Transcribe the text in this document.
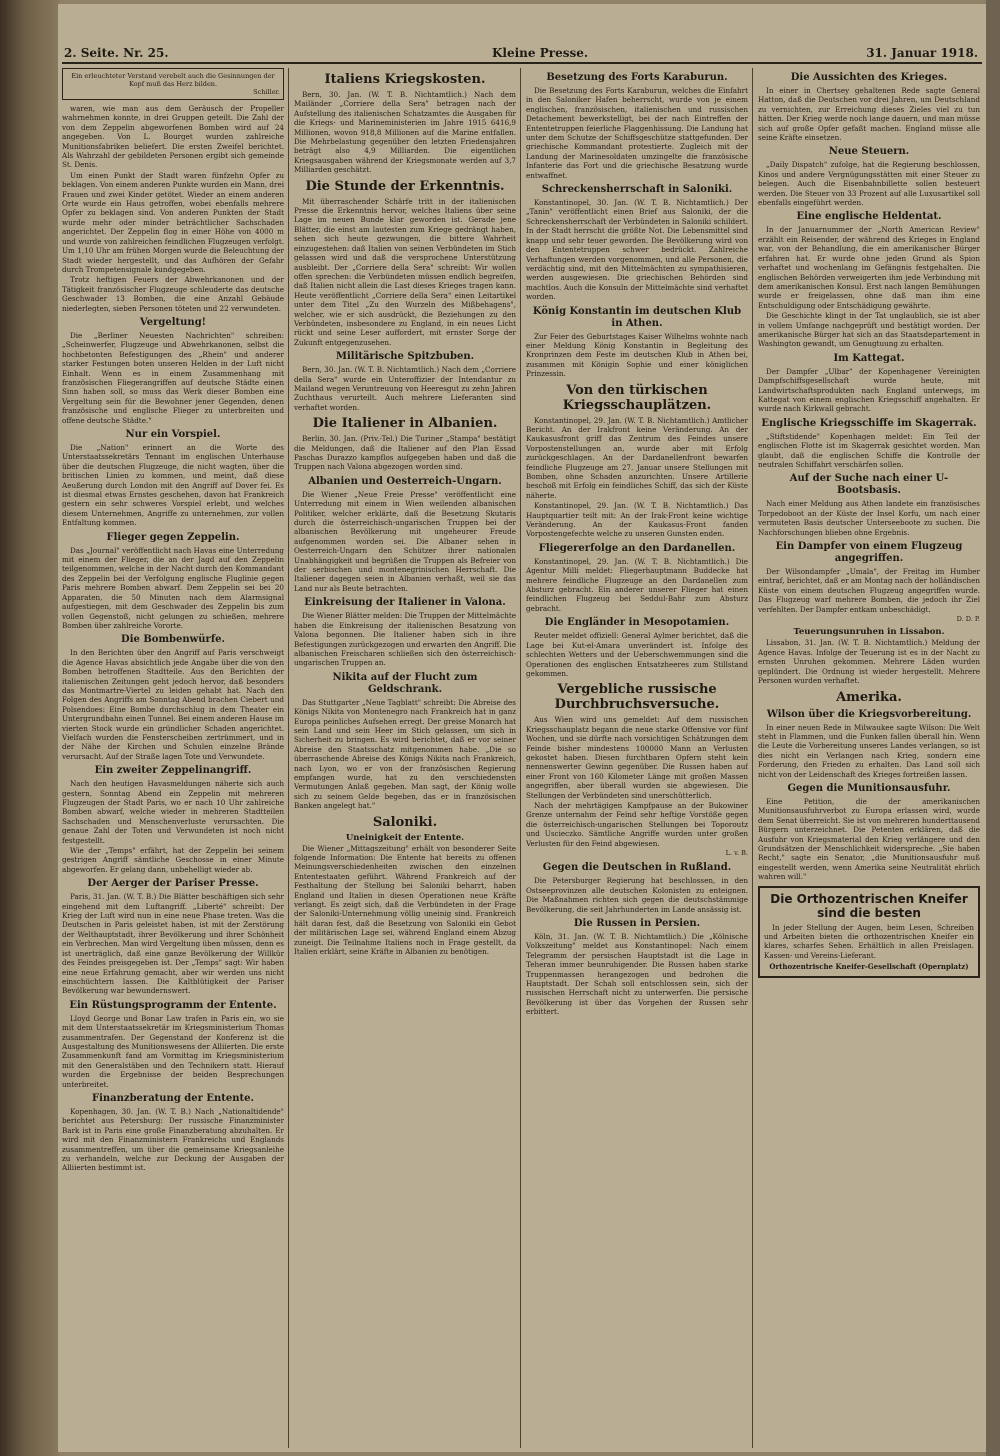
2. Seite. Nr. 25.	Kleine Presse.	31. Januar 1918.
Ein erleuchteter Verstand verebelt auch die Gesinnungen der Kopf muß das Herz bilden.
Schiller.

waren, wie man aus dem Geräusch der Propeller wahrnehmen konnte, in drei Gruppen geteilt. Die Zahl der von dem Zeppelin abgeworfenen Bomben wird auf 24 angegeben. Von L. Bourget wurden zahlreiche Munitionsfabriken beliefert. Die ersten Zweifel berichtet. Als Wahrzahl der gebildeten Personen ergibt sich gemeinde St. Denis.

Um einen Punkt der Stadt waren fünfzehn Opfer zu beklagen. Von einem anderen Punkte wurden ein Mann, drei Frauen und zwei Kinder getötet. Wieder an einem anderen Orte wurde ein Haus getroffen, wobei ebenfalls mehrere Opfer zu beklagen sind. Von anderen Punkten der Stadt wurde mehr oder minder beträchtlicher Sachschaden angerichtet. Der Zeppelin flog in einer Höhe von 4000 m und wurde von zahlreichen feindlichen Flugzeugen verfolgt. Um 1,10 Uhr am frühen Morgen wurde die Beleuchtung der Stadt wieder hergestellt, und das Aufhören der Gefahr durch Trompetensignale kundgegeben.

Trotz heftigen Feuers der Abwehrkanonen und der Tätigkeit französischer Flugzeuge schleuderte das deutsche Geschwader 13 Bomben, die eine Anzahl Gebäude niederlegten, sieben Personen töteten und 22 verwundeten.

Vergeltung!

Die „Berliner Neuesten Nachrichten" schreiben: „Scheinwerfer, Flugzeuge und Abwehrkanonen, selbst die hochbetonten Befestigungen des „Rhein" und anderer starker Festungen boten unseren Helden in der Luft nicht Einhalt. Wenn es in einem Zusammenhang mit französischen Fliegerangriffen auf deutsche Städte einen Sinn haben soll, so muss das Werk dieser Bomben eine Vergeltung sein für die Bewohner jener Gegenden, denen französische und englische Flieger zu unterbreiten und offene deutsche Städte."

Nur ein Vorspiel.

Die „Nation" erinnert an die Worte des Unterstaatssekretärs Tennant im englischen Unterhause über die deutschen Flugzeuge, die nicht wagten, über die britischen Linien zu kommen, und meint, daß diese Aeußerung durch London mit den Angriff auf Dover fei. Es ist diesmal etwas Ernstes geschehen, davon hat Frankreich gestern ein sehr schweres Vorspiel erlebt, und welches diesem Unternehmen, Angriffe zu unternehmen, zur vollen Entfaltung kommen.

Flieger gegen Zeppelin.

Das „Journal" veröffentlicht nach Havas eine Unterredung mit einem der Flieger, die an der Jagd auf den Zeppelin teilgenommen, welche in der Nacht durch den Kommandant des Zeppelin bei der Verfolgung englische Fluglinie gegen Paris mehrere Bomben abwarf. Dem Zeppelin sei bei 20 Apparaten, die 50 Minuten nach dem Alarmsignal aufgestiegen, mit dem Geschwader des Zeppelin bis zum vollen Gegenstoß, nicht gelungen zu schießen, mehrere Bomben über zahlreiche Vororte.

Die Bombenwürfe.

In den Berichten über den Angriff auf Paris verschweigt die Agence Havas absichtlich jede Angabe über die von den Bomben betroffenen Stadtteile. Aus den Berichten der italienischen Zeitungen geht jedoch hervor, daß besonders das Montmartre-Viertel zu leiden gehabt hat. Nach den Folgen des Angriffs am Sonntag Abend brachen Ciebert und Polsendoes: Eine Bombe durchschlug in dem Theater ein Untergrundbahn einen Tunnel. Bei einem anderen Hause im vierten Stock wurde ein gründlicher Schaden angerichtet. Vielfach wurden die Fensterscheiben zertrümmert, und in der Nähe der Kirchen und Schulen einzelne Brände verursacht. Auf der Straße lagen Tote und Verwundete.

Ein zweiter Zeppelinangriff.

Nach den heutigen Havasmeldungen näherte sich auch gestern, Sonntag Abend ein Zeppelin mit mehreren Flugzeugen der Stadt Paris, wo er nach 10 Uhr zahlreiche Bomben abwarf, welche wieder in mehreren Stadtteilen Sachschaden und Menschenverluste verursachten. Die genaue Zahl der Toten und Verwundeten ist noch nicht festgestellt.

Wie der „Temps" erfährt, hat der Zeppelin bei seinem gestrigen Angriff sämtliche Geschosse in einer Minute abgeworfen. Er gelang dann, unbehelligt wieder ab.

Der Aerger der Pariser Presse.

Paris, 31. Jan. (W. T. B.) Die Blätter beschäftigen sich sehr eingehend mit dem Luftangriff. „Liberté" schreibt: Der Krieg der Luft wird nun in eine neue Phase treten. Was die Deutschen in Paris geleistet haben, ist mit der Zerstörung der Welthauptstadt, ihrer Bevölkerung und ihrer Schönheit ein Verbrechen. Man wird Vergeltung üben müssen, denn es ist unerträglich, daß eine ganze Bevölkerung der Willkür des Feindes preisgegeben ist. Der „Temps" sagt: Wir haben eine neue Erfahrung gemacht, aber wir werden uns nicht einschüchtern lassen. Die Kaltblütigkeit der Pariser Bevölkerung war bewundernswert.

Ein Rüstungsprogramm der Entente.

Lloyd George und Bonar Law trafen in Paris ein, wo sie mit dem Unterstaatssekretär im Kriegsministerium Thomas zusammentrafen. Der Gegenstand der Konferenz ist die Ausgestaltung des Munitionswesens der Alliierten. Die erste Zusammenkunft fand am Vormittag im Kriegsministerium mit den Generalstäben und den Technikern statt. Hierauf wurden die Ergebnisse der beiden Besprechungen unterbreitet.

Finanzberatung der Entente.

Kopenhagen, 30. Jan. (W. T. B.) Nach „Nationaltidende" berichtet aus Petersburg: Der russische Finanzminister Bark ist in Paris eine große Finanzberatung abzuhalten. Er wird mit den Finanzministern Frankreichs und Englands zusammentreffen, um über die gemeinsame Kriegsanleihe zu verhandeln, welche zur Deckung der Ausgaben der Alliierten bestimmt ist.

Italiens Kriegskosten.

Bern, 30. Jan. (W. T. B. Nichtamtlich.) Nach dem Mailänder „Corriere della Sera" betragen nach der Aufstellung des italienischen Schatzamtes die Ausgaben für die Kriegs- und Marineministerien im Jahre 1915 6416,9 Millionen, wovon 918,8 Millionen auf die Marine entfallen. Die Mehrbelastung gegenüber den letzten Friedensjahren beträgt also 4,9 Milliarden. Die eigentlichen Kriegsausgaben während der Kriegsmonate werden auf 3,7 Milliarden geschätzt.

Die Stunde der Erkenntnis.

Mit überraschender Schärfe tritt in der italienischen Presse die Erkenntnis hervor, welches Italiens über seine Lage im neuen Bunde klar geworden ist. Gerade jene Blätter, die einst am lautesten zum Kriege gedrängt haben, sehen sich heute gezwungen, die bittere Wahrheit einzugestehen: daß Italien von seinen Verbündeten im Stich gelassen wird und daß die versprochene Unterstützung ausbleibt. Der „Corriere della Sera" schreibt: Wir wollen offen sprechen: die Verbündeten müssen endlich begreifen, daß Italien nicht allein die Last dieses Krieges tragen kann. Heute veröffentlicht „Corriere della Sera" einen Leitartikel unter dem Titel „Zu den Wurzeln des Mißbehagens", welcher, wie er sich ausdrückt, die Beziehungen zu den Verbündeten, insbesondere zu England, in ein neues Licht rückt und seine Leser auffordert, mit ernster Sorge der Zukunft entgegenzusehen.

Militärische Spitzbuben.

Bern, 30. Jan. (W. T. B. Nichtamtlich.) Nach dem „Corriere della Sera" wurde ein Unteroffizier der Intendantur zu Mailand wegen Veruntreuung von Heeresgut zu zehn Jahren Zuchthaus verurteilt. Auch mehrere Lieferanten sind verhaftet worden.

Die Italiener in Albanien.

Berlin, 30. Jan. (Priv.-Tel.) Die Turiner „Stampa" bestätigt die Meldungen, daß die Italiener auf den Plan Essad Paschas Durazzo kampflos aufgegeben haben und daß die Truppen nach Valona abgezogen worden sind.

Albanien und Oesterreich-Ungarn.

Die Wiener „Neue Freie Presse" veröffentlicht eine Unterredung mit einem in Wien weilenden albanischen Politiker, welcher erklärte, daß die Besetzung Skutaris durch die österreichisch-ungarischen Truppen bei der albanischen Bevölkerung mit ungeheurer Freude aufgenommen worden sei. Die Albaner sehen in Oesterreich-Ungarn den Schützer ihrer nationalen Unabhängigkeit und begrüßen die Truppen als Befreier von der serbischen und montenegrinischen Herrschaft. Die Italiener dagegen seien in Albanien verhaßt, weil sie das Land nur als Beute betrachten.

Einkreisung der Italiener in Valona.

Die Wiener Blätter melden: Die Truppen der Mittelmächte haben die Einkreisung der italienischen Besatzung von Valona begonnen. Die Italiener haben sich in ihre Befestigungen zurückgezogen und erwarten den Angriff. Die albanischen Freischaren schließen sich den österreichisch-ungarischen Truppen an.

Nikita auf der Flucht zum Geldschrank.

Das Stuttgarter „Neue Tagblatt" schreibt: Die Abreise des Königs Nikita von Montenegro nach Frankreich hat in ganz Europa peinliches Aufsehen erregt. Der greise Monarch hat sein Land und sein Heer im Stich gelassen, um sich in Sicherheit zu bringen. Es wird berichtet, daß er vor seiner Abreise den Staatsschatz mitgenommen habe. „Die so überraschende Abreise des Königs Nikita nach Frankreich, nach Lyon, wo er von der französischen Regierung empfangen wurde, hat zu den verschiedensten Vermutungen Anlaß gegeben. Man sagt, der König wolle sich zu seinem Gelde begeben, das er in französischen Banken angelegt hat."

Saloniki.
Uneinigkeit der Entente.

Die Wiener „Mittagszeitung" erhält von besonderer Seite folgende Information: Die Entente hat bereits zu offenen Meinungsverschiedenheiten zwischen den einzelnen Ententestaaten geführt. Während Frankreich auf der Festhaltung der Stellung bei Saloniki beharrt, haben England und Italien in diesen Operationen neue Kräfte verlangt. Es zeigt sich, daß die Verbündeten in der Frage der Saloniki-Unternehmung völlig uneinig sind. Frankreich hält daran fest, daß die Besetzung von Saloniki ein Gebot der militärischen Lage sei, während England einem Abzug zuneigt. Die Teilnahme Italiens noch in Frage gestellt, da Italien erklärt, seine Kräfte in Albanien zu benötigen.

Besetzung des Forts Karaburun.

Die Besetzung des Forts Karaburun, welches die Einfahrt in den Saloniker Hafen beherrscht, wurde von je einem englischen, französischen, italienischen und russischen Detachement bewerkstelligt, bei der nach Eintreffen der Ententetruppen feierliche Flaggenhissung. Die Landung hat unter dem Schutze der Schiffsgeschütze stattgefunden. Der griechische Kommandant protestierte. Zugleich mit der Landung der Marinesoldaten umzingelte die französische Infanterie das Fort und die griechische Besatzung wurde entwaffnet.

Schreckensherrschaft in Saloniki.

Konstantinopel, 30. Jan. (W. T. B. Nichtamtlich.) Der „Tanin" veröffentlicht einen Brief aus Saloniki, der die Schreckensherrschaft der Verbündeten in Saloniki schildert. In der Stadt herrscht die größte Not. Die Lebensmittel sind knapp und sehr teuer geworden. Die Bevölkerung wird von den Ententetruppen schwer bedrückt. Zahlreiche Verhaftungen werden vorgenommen, und alle Personen, die verdächtig sind, mit den Mittelmächten zu sympathisieren, werden ausgewiesen. Die griechischen Behörden sind machtlos. Auch die Konsuln der Mittelmächte sind verhaftet worden.

König Konstantin im deutschen Klub in Athen.

Zur Feier des Geburtstages Kaiser Wilhelms wohnte nach einer Meldung König Konstantin in Begleitung des Kronprinzen dem Feste im deutschen Klub in Athen bei, zusammen mit Königin Sophie und einer königlichen Prinzessin.

Von den türkischen Kriegsschauplätzen.

Konstantinopel, 29. Jan. (W. T. B. Nichtamtlich.) Amtlicher Bericht. An der Irakfront keine Veränderung. An der Kaukasusfront griff das Zentrum des Feindes unsere Vorpostenstellungen an, wurde aber mit Erfolg zurückgeschlagen. An der Dardanellenfront bewarfen feindliche Flugzeuge am 27. Januar unsere Stellungen mit Bomben, ohne Schaden anzurichten. Unsere Artillerie beschoß mit Erfolg ein feindliches Schiff, das sich der Küste näherte.

Konstantinopel, 29. Jan. (W. T. B. Nichtamtlich.) Das Hauptquartier teilt mit: An der Irak-Front keine wichtige Veränderung. An der Kaukasus-Front fanden Vorpostengefechte welche zu unseren Gunsten enden.

Fliegererfolge an den Dardanellen.

Konstantinopel, 29. Jan. (W. T. B. Nichtamtlich.) Die Agentur Milli meldet: Fliegerhauptmann Buddecke hat mehrere feindliche Flugzeuge an den Dardanellen zum Absturz gebracht. Ein anderer unserer Flieger hat einen feindlichen Flugzeug bei Seddul-Bahr zum Absturz gebracht.

Die Engländer in Mesopotamien.

Reuter meldet offiziell: General Aylmer berichtet, daß die Lage bei Kut-el-Amara unverändert ist. Infolge des schlechten Wetters und der Ueberschwemmungen sind die Operationen des englischen Entsatzheeres zum Stillstand gekommen.

Vergebliche russische Durchbruchsversuche.

Aus Wien wird uns gemeldet: Auf dem russischen Kriegsschauplatz begann die neue starke Offensive vor fünf Wochen, und sie dürfte nach vorsichtigen Schätzungen dem Feinde bisher mindestens 100000 Mann an Verlusten gekostet haben. Diesen furchtbaren Opfern steht kein nennenswerter Gewinn gegenüber. Die Russen haben auf einer Front von 160 Kilometer Länge mit großen Massen angegriffen, aber überall wurden sie abgewiesen. Die Stellungen der Verbündeten sind unerschütterlich.

Nach der mehrtägigen Kampfpause an der Bukowiner Grenze unternahm der Feind sehr heftige Vorstöße gegen die österreichisch-ungarischen Stellungen bei Toporoutz und Uscieczko. Sämtliche Angriffe wurden unter großen Verlusten für den Feind abgewiesen.

L. v. B.
Gegen die Deutschen in Rußland.

Die Petersburger Regierung hat beschlossen, in den Ostseeprovinzen alle deutschen Kolonisten zu enteignen. Die Maßnahmen richten sich gegen die deutschstämmige Bevölkerung, die seit Jahrhunderten im Lande ansässig ist.

Die Russen in Persien.

Köln, 31. Jan. (W. T. B. Nichtamtlich.) Die „Kölnische Volkszeitung" meldet aus Konstantinopel: Nach einem Telegramm der persischen Hauptstadt ist die Lage in Teheran immer beunruhigender. Die Russen haben starke Truppenmassen herangezogen und bedrohen die Hauptstadt. Der Schah soll entschlossen sein, sich der russischen Herrschaft nicht zu unterwerfen. Die persische Bevölkerung ist über das Vorgehen der Russen sehr erbittert.

Die Aussichten des Krieges.

In einer in Chertsey gehaltenen Rede sagte General Hatton, daß die Deutschen vor drei Jahren, um Deutschland zu vernichten, zur Erreichung dieses Zieles viel zu tun hätten. Der Krieg werde noch lange dauern, und man müsse sich auf große Opfer gefaßt machen. England müsse alle seine Kräfte einsetzen.

Neue Steuern.

„Daily Dispatch" zufolge, hat die Regierung beschlossen, Kinos und andere Vergnügungsstätten mit einer Steuer zu belegen. Auch die Eisenbahnbillette sollen besteuert werden. Die Steuer von 33 Prozent auf alle Luxusartikel soll ebenfalls eingeführt werden.

Eine englische Heldentat.

In der Januarnummer der „North American Review" erzählt ein Reisender, der während des Krieges in England war, von der Behandlung, die ein amerikanischer Bürger erfahren hat. Er wurde ohne jeden Grund als Spion verhaftet und wochenlang im Gefängnis festgehalten. Die englischen Behörden verweigerten ihm jede Verbindung mit dem amerikanischen Konsul. Erst nach langen Bemühungen wurde er freigelassen, ohne daß man ihm eine Entschuldigung oder Entschädigung gewährte.

Die Geschichte klingt in der Tat unglaublich, sie ist aber in vollem Umfange nachgeprüft und bestätigt worden. Der amerikanische Bürger hat sich an das Staatsdepartement in Washington gewandt, um Genugtuung zu erhalten.

Im Kattegat.

Der Dampfer „Ulbar" der Kopenhagener Vereinigten Dampfschiffsgesellschaft wurde heute, mit Landwirtschaftsprodukten nach England unterwegs, im Kattegat von einem englischen Kriegsschiff angehalten. Er wurde nach Kirkwall gebracht.

Englische Kriegsschiffe im Skagerrak.

„Stiftstidende" Kopenhagen meldet: Ein Teil der englischen Flotte ist im Skagerrak gesichtet worden. Man glaubt, daß die englischen Schiffe die Kontrolle der neutralen Schiffahrt verschärfen sollen.

Auf der Suche nach einer U-Bootsbasis.

Nach einer Meldung aus Athen landete ein französisches Torpedoboot an der Küste der Insel Korfu, um nach einer vermuteten Basis deutscher Unterseeboote zu suchen. Die Nachforschungen blieben ohne Ergebnis.

Ein Dampfer von einem Flugzeug angegriffen.

Der Wilsondampfer „Umala", der Freitag im Humber eintraf, berichtet, daß er am Montag nach der holländischen Küste von einem deutschen Flugzeug angegriffen wurde. Das Flugzeug warf mehrere Bomben, die jedoch ihr Ziel verfehlten. Der Dampfer entkam unbeschädigt.

D. D. P.
Teuerungsunruhen in Lissabon.

Lissabon, 31. Jan. (W. T. B. Nichtamtlich.) Meldung der Agence Havas. Infolge der Teuerung ist es in der Nacht zu ernsten Unruhen gekommen. Mehrere Läden wurden geplündert. Die Ordnung ist wieder hergestellt. Mehrere Personen wurden verhaftet.

Amerika.
Wilson über die Kriegsvorbereitung.

In einer neuen Rede in Milwaukee sagte Wilson: Die Welt steht in Flammen, und die Funken fallen überall hin. Wenn die Leute die Vorbereitung unseres Landes verlangen, so ist dies nicht ein Verlangen nach Krieg, sondern eine Forderung, den Frieden zu erhalten. Das Land soll sich nicht von der Leidenschaft des Krieges fortreißen lassen.

Gegen die Munitionsausfuhr.

Eine Petition, die der amerikanischen Munitionsausfuhrverbot zu Europa erlassen wird, wurde dem Senat überreicht. Sie ist von mehreren hunderttausend Bürgern unterzeichnet. Die Petenten erklären, daß die Ausfuhr von Kriegsmaterial den Krieg verlängere und den Grundsätzen der Menschlichkeit widerspreche. „Sie haben Recht," sagte ein Senator, „die Munitionsausfuhr muß eingestellt werden, wenn Amerika seine Neutralität ehrlich wahren will."

Die Orthozentrischen Kneifer sind die besten

In jeder Stellung der Augen, beim Lesen, Schreiben und Arbeiten bieten die orthozentrischen Kneifer ein klares, scharfes Sehen. Erhältlich in allen Preislagen. Kassen- und Vereins-Lieferant.

Orthozentrische Kneifer-Gesellschaft (Opernplatz)
